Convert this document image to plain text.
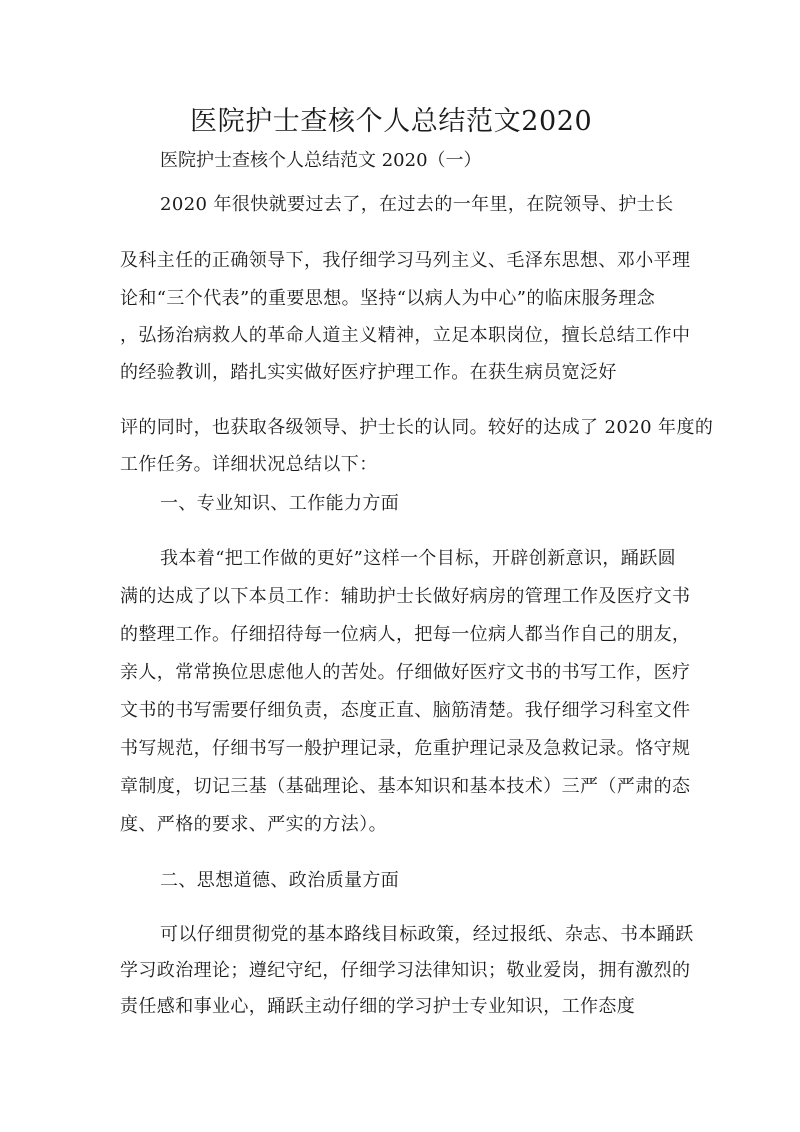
医院护士查核个人总结范文2020
医院护士查核个人总结范文 2020（一）
2020 年很快就要过去了，在过去的一年里，在院领导、护士长
及科主任的正确领导下，我仔细学习马列主义、毛泽东思想、邓小平理
论和“三个代表”的重要思想。坚持“以病人为中心”的临床服务理念
，弘扬治病救人的革命人道主义精神，立足本职岗位，擅长总结工作中
的经验教训，踏扎实实做好医疗护理工作。在获生病员宽泛好
评的同时，也获取各级领导、护士长的认同。较好的达成了 2020 年度的
工作任务。详细状况总结以下：
一、专业知识、工作能力方面
我本着“把工作做的更好”这样一个目标，开辟创新意识，踊跃圆
满的达成了以下本员工作：辅助护士长做好病房的管理工作及医疗文书
的整理工作。仔细招待每一位病人，把每一位病人都当作自己的朋友，
亲人，常常换位思虑他人的苦处。仔细做好医疗文书的书写工作，医疗
文书的书写需要仔细负责，态度正直、脑筋清楚。我仔细学习科室文件
书写规范，仔细书写一般护理记录，危重护理记录及急救记录。恪守规
章制度，切记三基（基础理论、基本知识和基本技术）三严（严肃的态
度、严格的要求、严实的方法）。
二、思想道德、政治质量方面
可以仔细贯彻党的基本路线目标政策，经过报纸、杂志、书本踊跃
学习政治理论；遵纪守纪，仔细学习法律知识；敬业爱岗，拥有激烈的
责任感和事业心，踊跃主动仔细的学习护士专业知识，工作态度
